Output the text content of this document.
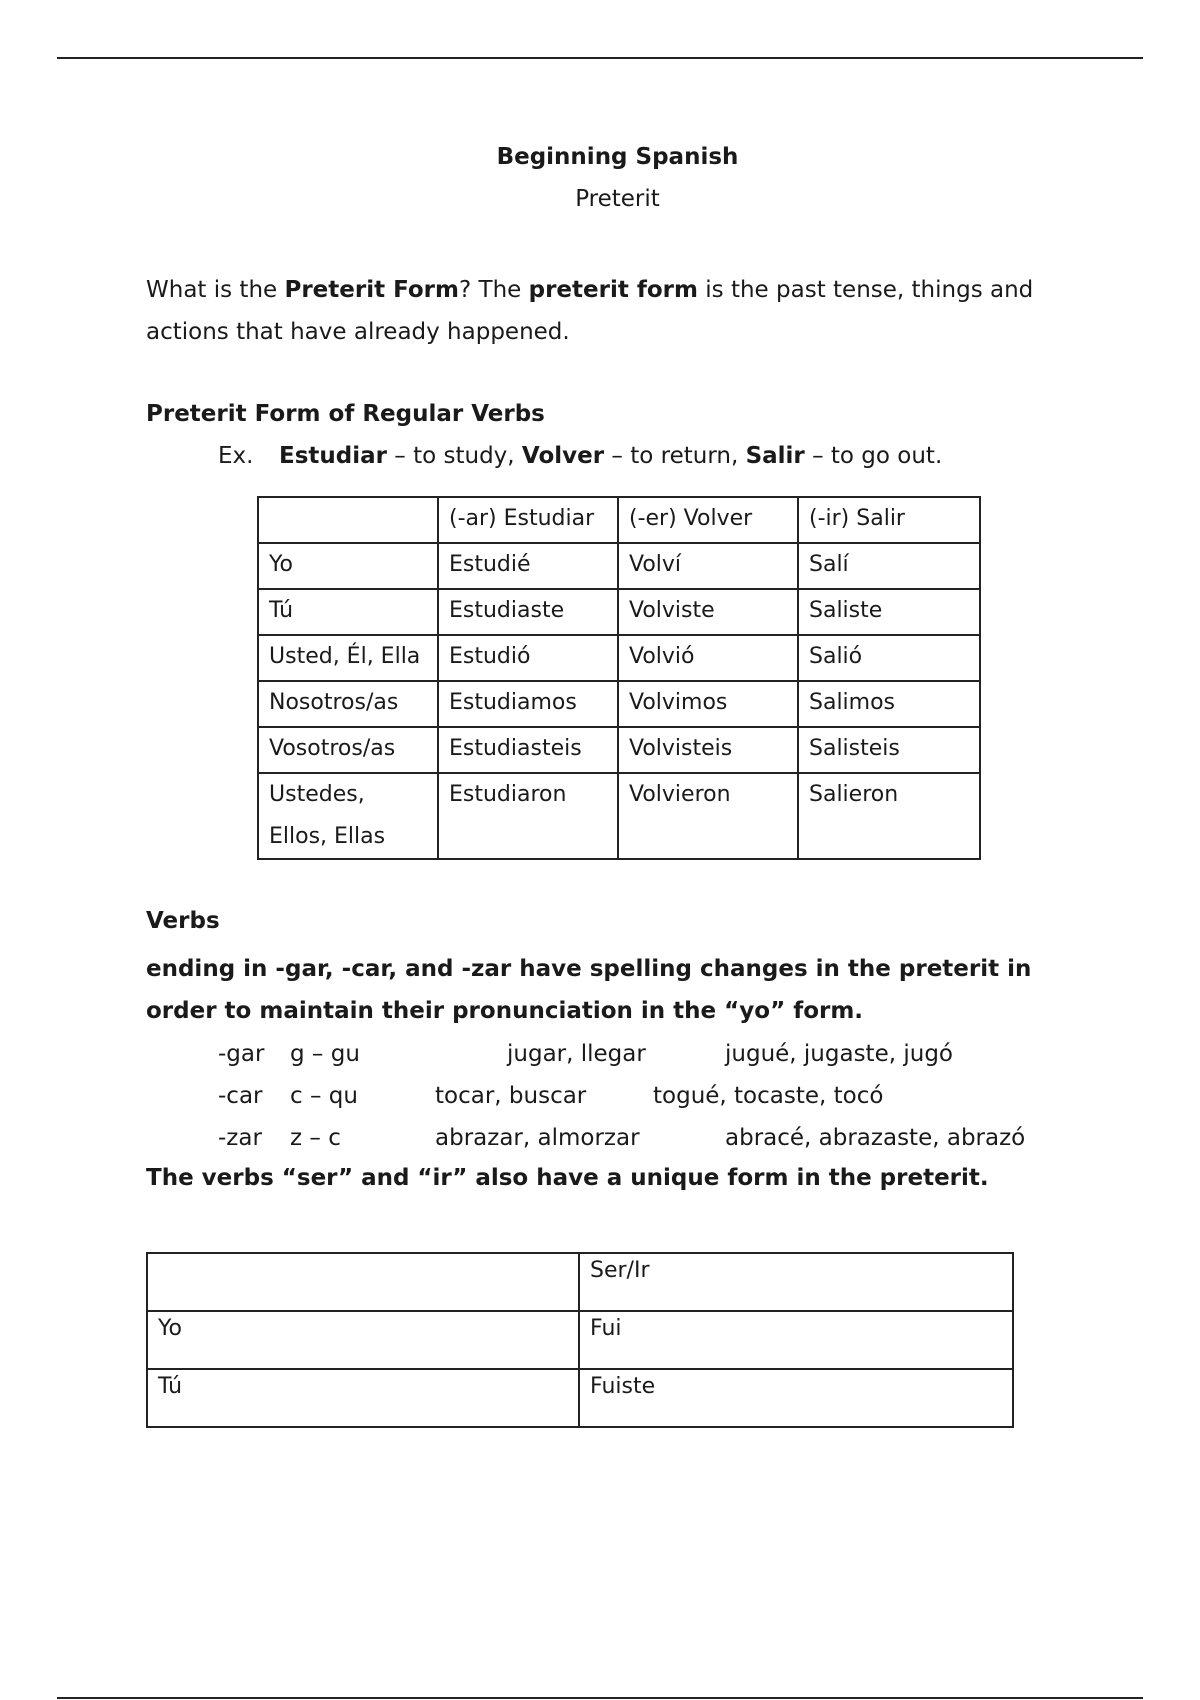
Beginning Spanish
Preterit
What is the Preterit Form? The preterit form is the past tense, things and actions that have already happened.
Preterit Form of Regular Verbs
Ex. Estudiar – to study, Volver – to return, Salir – to go out.
	(-ar) Estudiar	(-er) Volver	(-ir) Salir
Yo	Estudié	Volví	Salí
Tú	Estudiaste	Volviste	Saliste
Usted, Él, Ella	Estudió	Volvió	Salió
Nosotros/as	Estudiamos	Volvimos	Salimos
Vosotros/as	Estudiasteis	Volvisteis	Salisteis
Ustedes, Ellos, Ellas	Estudiaron	Volvieron	Salieron
Verbs
ending in -gar, -car, and -zar have spelling changes in the preterit in order to maintain their pronunciation in the “yo” form.
-gar g – gu	jugar, llegar	jugué, jugaste, jugó
-car c – qu	tocar, buscar	togué, tocaste, tocó
-zar z – c	abrazar, almorzar	abracé, abrazaste, abrazó
The verbs “ser” and “ir” also have a unique form in the preterit.
	Ser/Ir
Yo	Fui
Tú	Fuiste
